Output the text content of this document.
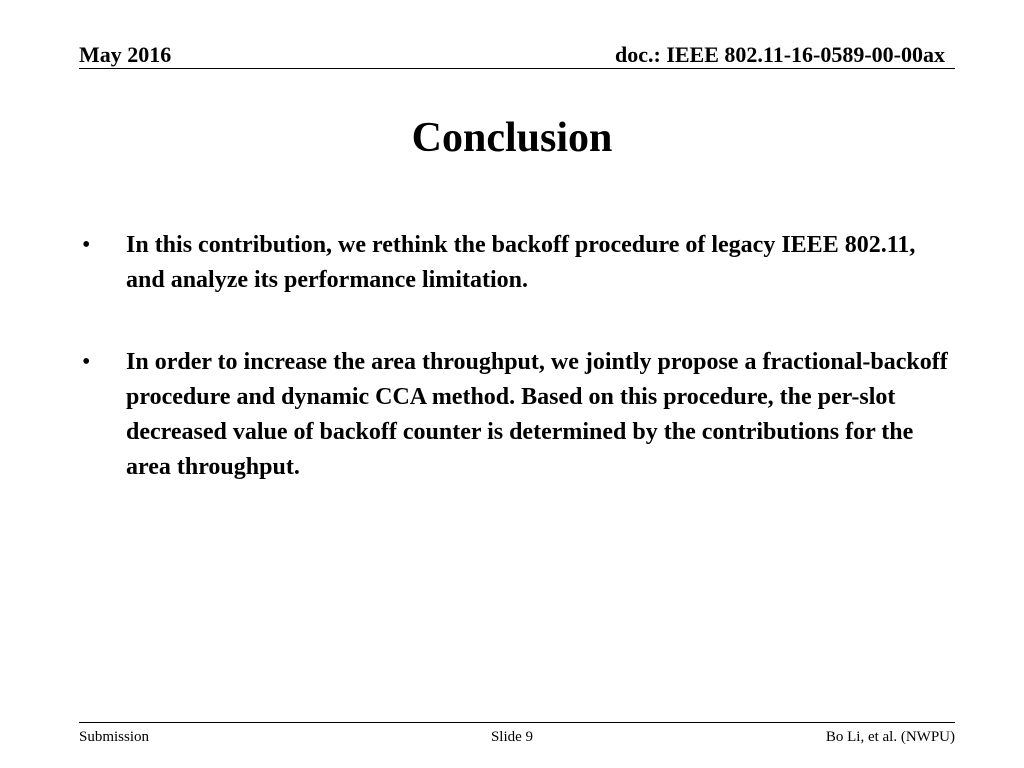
May 2016	doc.: IEEE 802.11-16-0589-00-00ax
Conclusion
•	In this contribution, we rethink the backoff procedure of legacy IEEE 802.11, and analyze its performance limitation.
•	In order to increase the area throughput, we jointly propose a fractional-backoff procedure and dynamic CCA method. Based on this procedure, the per-slot decreased value of backoff counter is determined by the contributions for the area throughput.
Submission	Slide 9	Bo Li, et al. (NWPU)
